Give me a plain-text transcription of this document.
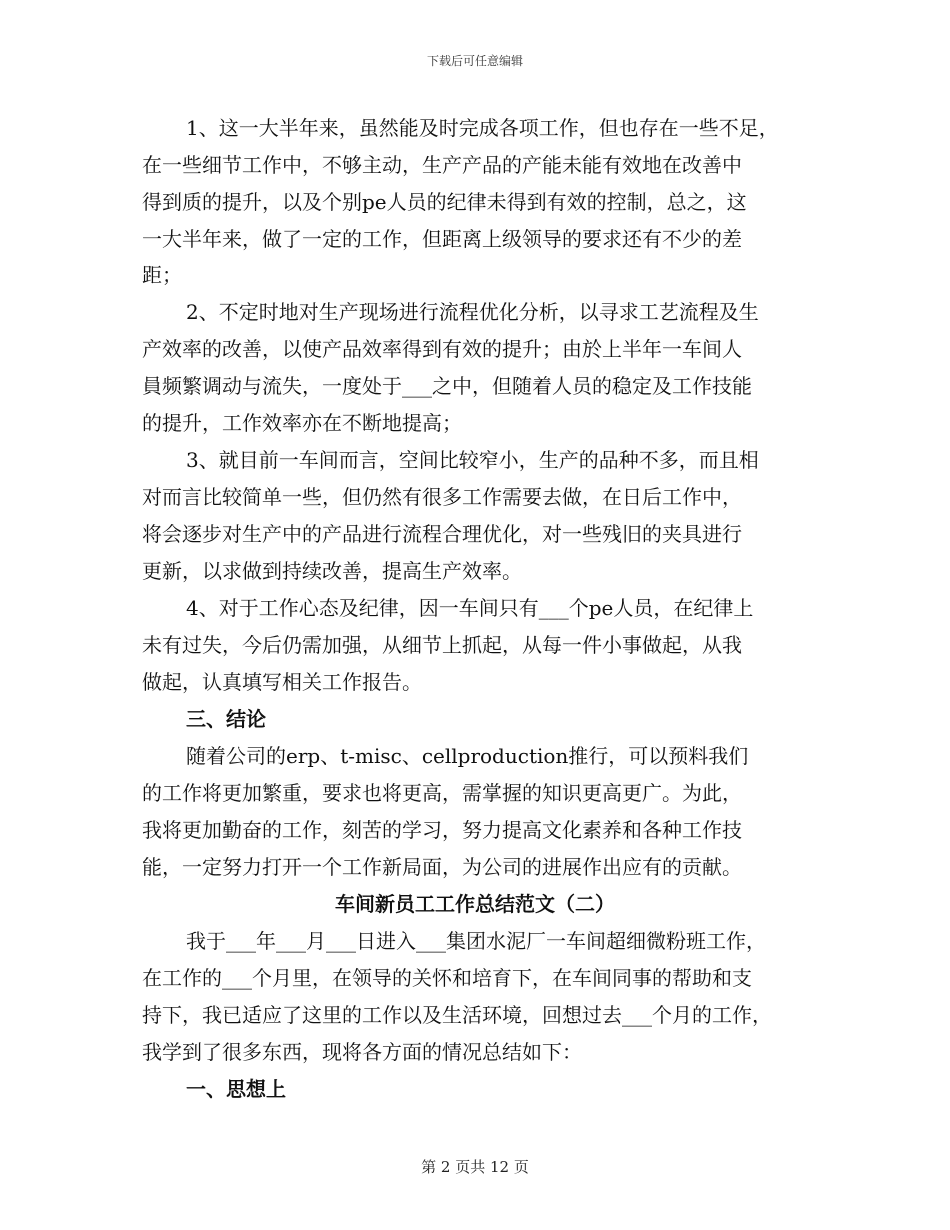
下载后可任意编辑
1、这一大半年来，虽然能及时完成各项工作，但也存在一些不足，
在一些细节工作中，不够主动，生产产品的产能未能有效地在改善中
得到质的提升，以及个别pe人员的纪律未得到有效的控制，总之，这
一大半年来，做了一定的工作，但距离上级领导的要求还有不少的差
距；
2、不定时地对生产现场进行流程优化分析，以寻求工艺流程及生
产效率的改善，以使产品效率得到有效的提升；由於上半年一车间人
員频繁调动与流失，一度处于___之中，但随着人员的稳定及工作技能
的提升，工作效率亦在不断地提高；
3、就目前一车间而言，空间比较窄小，生产的品种不多，而且相
对而言比较简单一些，但仍然有很多工作需要去做，在日后工作中，
将会逐步对生产中的产品进行流程合理优化，对一些残旧的夹具进行
更新，以求做到持续改善，提高生产效率。
4、对于工作心态及纪律，因一车间只有___个pe人员，在纪律上
未有过失，今后仍需加强，从细节上抓起，从每一件小事做起，从我
做起，认真填写相关工作报告。
三、结论
随着公司的erp、t-misc、cellproduction推行，可以预料我们
的工作将更加繁重，要求也将更高，需掌握的知识更高更广。为此，
我将更加勤奋的工作，刻苦的学习，努力提高文化素养和各种工作技
能，一定努力打开一个工作新局面，为公司的进展作出应有的贡献。
车间新员工工作总结范文（二）
我于___年___月___日进入___集团水泥厂一车间超细微粉班工作，
在工作的___个月里，在领导的关怀和培育下，在车间同事的帮助和支
持下，我已适应了这里的工作以及生活环境，回想过去___个月的工作，
我学到了很多东西，现将各方面的情况总结如下：
一、思想上
第 2 页共 12 页
